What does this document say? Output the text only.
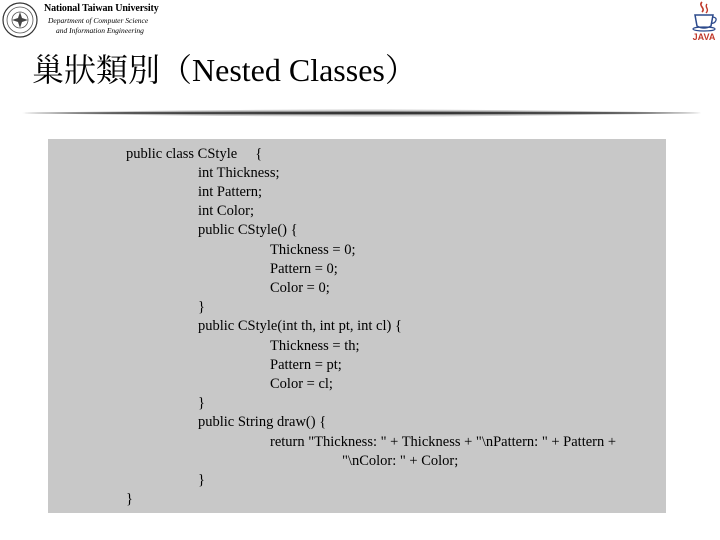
National Taiwan University
Department of Computer Science
and Information Engineering
JAVA
巢狀類別（Nested Classes）
public class CStyle     {
int Thickness;
int Pattern;
int Color;
public CStyle() {
Thickness = 0;
Pattern = 0;
Color = 0;
}
public CStyle(int th, int pt, int cl) {
Thickness = th;
Pattern = pt;
Color = cl;
}
public String draw() {
return "Thickness: " + Thickness + "\nPattern: " + Pattern +
"\nColor: " + Color;
}
}
